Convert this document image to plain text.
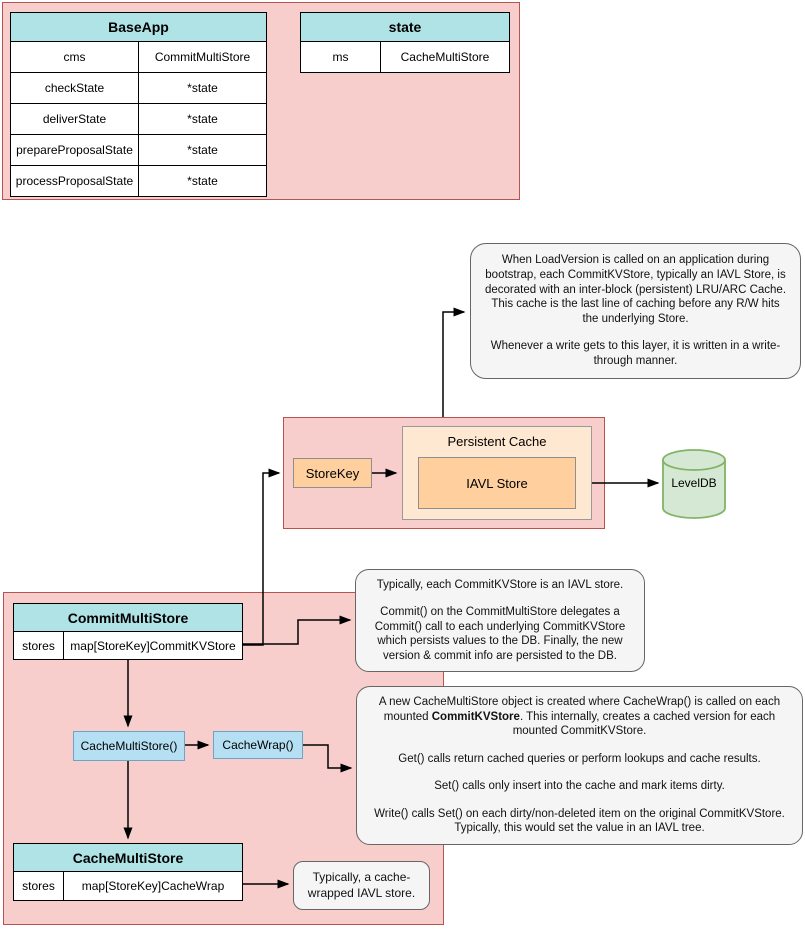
BaseApp
cms	CommitMultiStore
checkState	*state
deliverState	*state
prepareProposalState	*state
processProposalState	*state
state
ms	CacheMultiStore
StoreKey
Persistent Cache
IAVL Store	LevelDB

When LoadVersion is called on an application during bootstrap, each CommitKVStore, typically an IAVL Store, is decorated with an inter-block (persistent) LRU/ARC Cache. This cache is the last line of caching before any R/W hits the underlying Store.

Whenever a write gets to this layer, it is written in a write-through manner.

CommitMultiStore
stores	map[StoreKey]CommitKVStore

Typically, each CommitKVStore is an IAVL store.

Commit() on the CommitMultiStore delegates a Commit() call to each underlying CommitKVStore which persists values to the DB. Finally, the new version & commit info are persisted to the DB.

CacheMultiStore()	CacheWrap()

A new CacheMultiStore object is created where CacheWrap() is called on each mounted CommitKVStore. This internally, creates a cached version for each mounted CommitKVStore.

Get() calls return cached queries or perform lookups and cache results.

Set() calls only insert into the cache and mark items dirty.

Write() calls Set() on each dirty/non-deleted item on the original CommitKVStore. Typically, this would set the value in an IAVL tree.

CacheMultiStore
stores	map[StoreKey]CacheWrap

Typically, a cache-wrapped IAVL store.
